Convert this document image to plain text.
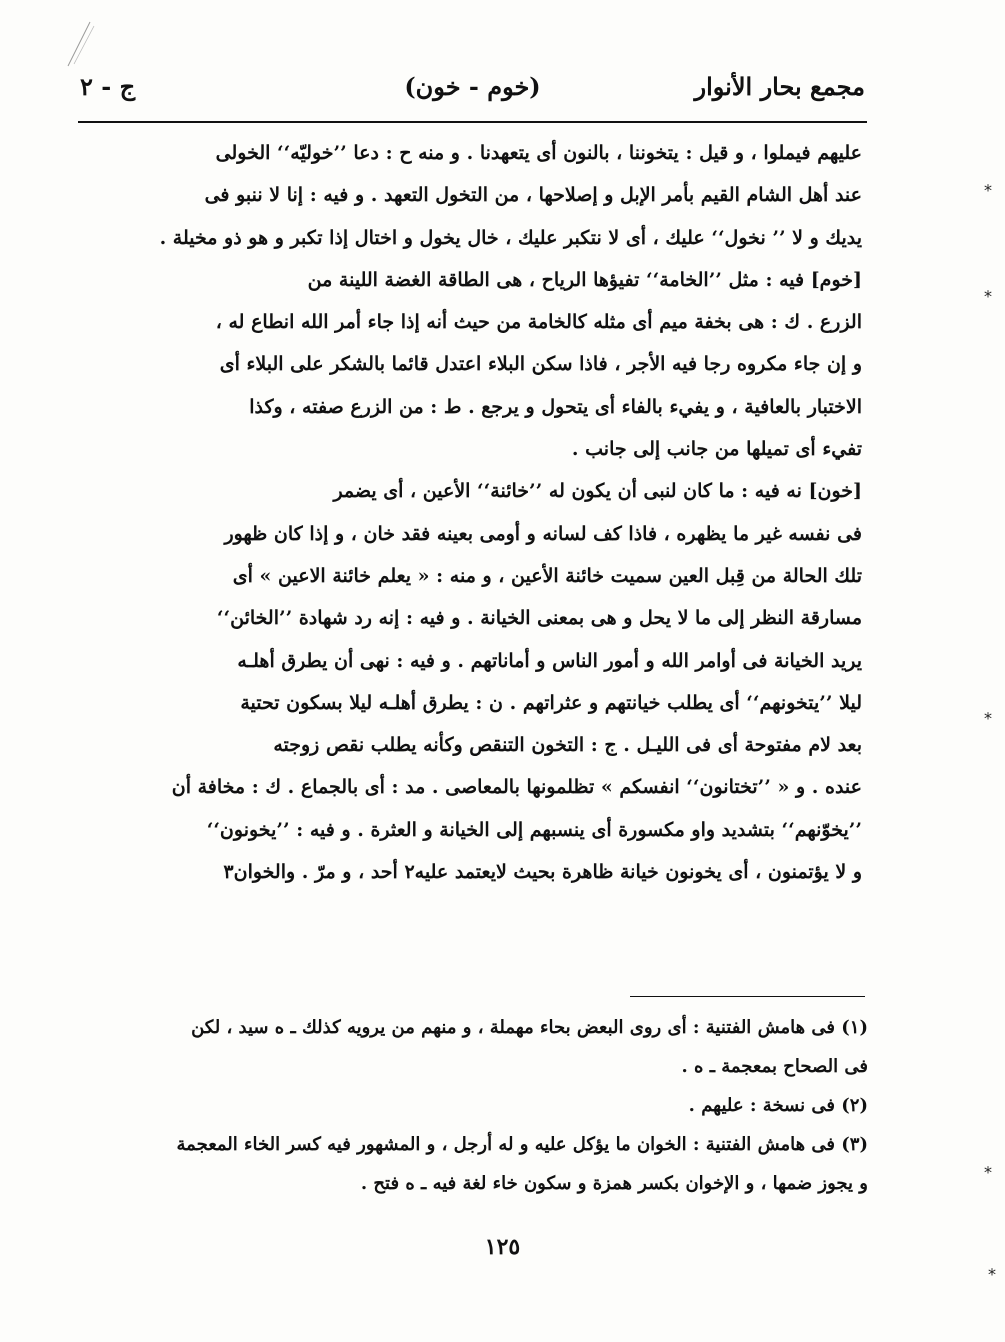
مجمع بحار الأنوار
(خوم - خون)
ج - ٢

عليهم فيملوا ، و قيل : يتخوننا ، بالنون أى يتعهدنا . و منه ح : دعا ’’خوليّه‘‘ الخولى

عند أهل الشام القيم بأمر الإبل و إصلاحها ، من التخول التعهد . و فيه : إنا لا ننبو فى

يديك و لا ’’ نخول‘‘ عليك ، أى لا نتكبر عليك ، خال يخول و اختال إذا تكبر و هو ذو مخيلة .

[خوم] فيه : مثل ’’الخامة‘‘ تفيؤها الرياح ، هى الطاقة الغضة اللينة من

الزرع . ك : هى بخفة ميم أى مثله كالخامة من حيث أنه إذا جاء أمر الله انطاع له ،

و إن جاء مكروه رجا فيه الأجر ، فاذا سكن البلاء اعتدل قائما بالشكر على البلاء أى

الاختبار بالعافية ، و يفيء بالفاء أى يتحول و يرجع . ط : من الزرع صفته ، وكذا

تفيء أى تميلها من جانب إلى جانب .

[خون] نه فيه : ما كان لنبى أن يكون له ’’خائنة‘‘ الأعين ، أى يضمر

فى نفسه غير ما يظهره ، فاذا كف لسانه و أومى بعينه فقد خان ، و إذا كان ظهور

تلك الحالة من قِبل العين سميت خائنة الأعين ، و منه : « يعلم خائنة الاعين » أى

مسارقة النظر إلى ما لا يحل و هى بمعنى الخيانة . و فيه : إنه رد شهادة ’’الخائن‘‘

يريد الخيانة فى أوامر الله و أمور الناس و أماناتهم . و فيه : نهى أن يطرق أهلـه

ليلا ’’يتخونهم‘‘ أى يطلب خيانتهم و عثراتهم . ن : يطرق أهلـه ليلا بسكون تحتية

بعد لام مفتوحة أى فى الليـل . ج : التخون التنقص وكأنه يطلب نقص زوجته

عنده . و « ’’تختانون‘‘ انفسكم » تظلمونها بالمعاصى . مد : أى بالجماع . ك : مخافة أن

’’يخوّنهم‘‘ بتشديد واو مكسورة أى ينسبهم إلى الخيانة و العثرة . و فيه : ’’يخونون‘‘

و لا يؤتمنون ، أى يخونون خيانة ظاهرة بحيث لايعتمد عليه٢ أحد ، و مرّ . والخوان٣

(١) فى هامش الفتنية : أى روى البعض بحاء مهملة ، و منهم من يرويه كذلك ـ ه سيد ، لكن

فى الصحاح بمعجمة ـ ه .

(٢) فى نسخة : عليهم .

(٣) فى هامش الفتنية : الخوان ما يؤكل عليه و له أرجل ، و المشهور فيه كسر الخاء المعجمة

و يجوز ضمها ، و الإخوان بكسر همزة و سكون خاء لغة فيه ـ ه فتح .

١٢٥
⁎
⁎
⁎
⁎
⁎
